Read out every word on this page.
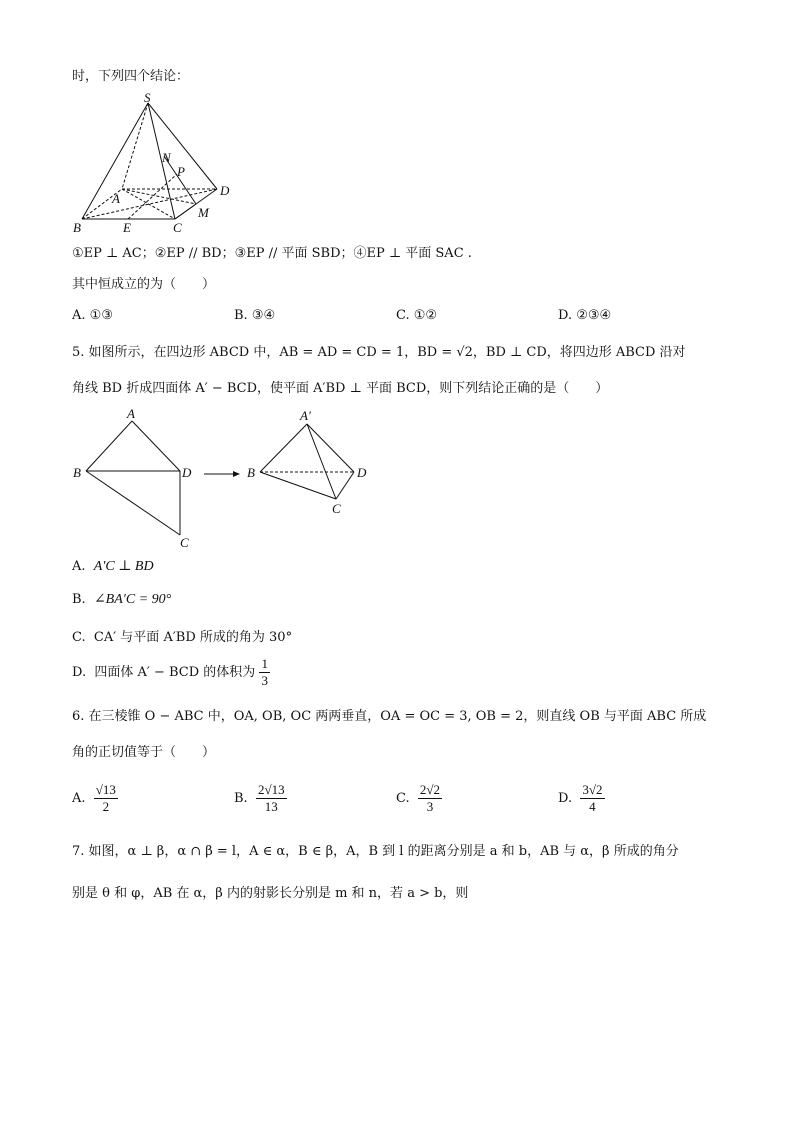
时，下列四个结论：
S
N
P
D
A
M
B	E	C
①EP ⊥ AC；②EP // BD；③EP // 平面 SBD；④EP ⊥ 平面 SAC .
其中恒成立的为（　　）
A. ①③	B. ③④	C. ①②	D. ②③④
5. 如图所示，在四边形 ABCD 中，AB = AD = CD = 1，BD = √2，BD ⊥ CD，将四边形 ABCD 沿对
角线 BD 折成四面体 A′ − BCD，使平面 A′BD ⊥ 平面 BCD，则下列结论正确的是（　　）
A
B	D
C
A′
B	D
C
A. A′C ⊥ BD
B. ∠BA′C = 90°
C. CA′ 与平面 A′BD 所成的角为 30°
D. 四面体 A′ − BCD 的体积为 $\frac{1}{3}$
6. 在三棱锥 O − ABC 中，OA, OB, OC 两两垂直，OA = OC = 3, OB = 2，则直线 OB 与平面 ABC 所成
角的正切值等于（　　）
A. $\frac{√13}{2}$	B. $\frac{2√13}{13}$	C. $\frac{2√2}{3}$	D. $\frac{3√2}{4}$
7. 如图，α ⊥ β，α ∩ β = l，A ∈ α，B ∈ β，A，B 到 l 的距离分别是 a 和 b，AB 与 α，β 所成的角分
别是 θ 和 φ，AB 在 α，β 内的射影长分别是 m 和 n，若 a > b，则
